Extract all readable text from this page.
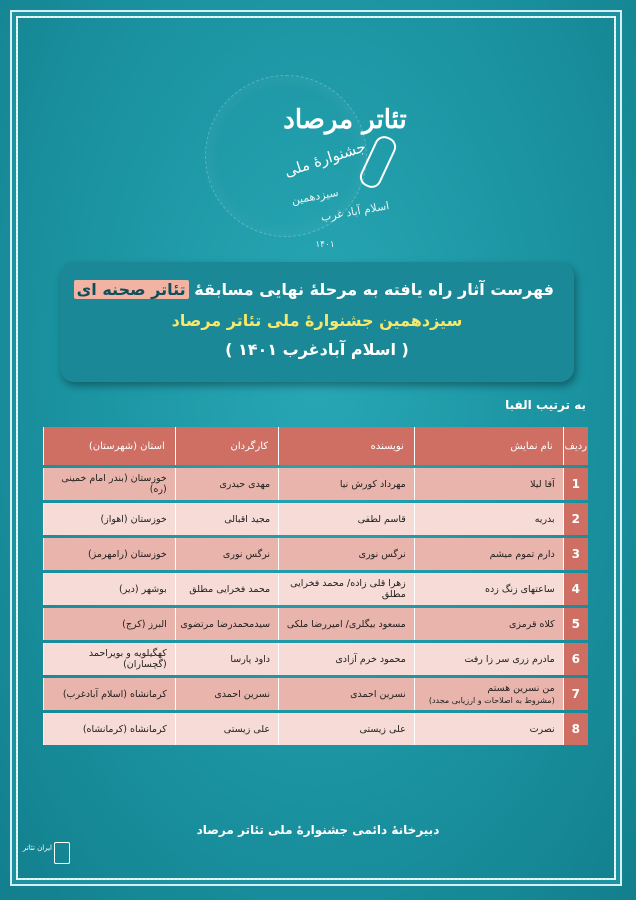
تئاتر مرصاد
جشنوارهٔ ملی
سیزدهمین
اسلام آباد غرب
۱۴۰۱
فهرست آثار راه یافته به مرحلۀ نهایی مسابقۀ تئاتر صحنه ای
سیزدهمین جشنوارۀ ملی تئاتر مرصاد
( اسلام آبادغرب ۱۴۰۱ )
به ترتیب الفبا
ردیف	نام نمایش	نویسنده	کارگردان	استان (شهرستان)
1	آقا لیلا	مهرداد کورش نیا	مهدی حیدری	خوزستان (بندر امام خمینی (ره)
2	بدریه	قاسم لطفی	مجید اقبالی	خوزستان (اهواز)
3	دارم تموم میشم	نرگس نوری	نرگس نوری	خوزستان (رامهرمز)
4	ساعتهای زنگ زده	زهرا قلی زاده/ محمد فخرایی مطلق	محمد فخرایی مطلق	بوشهر (دیر)
5	کلاه قرمزی	مسعود بیگلری/ امیررضا ملکی	سیدمحمدرضا مرتضوی	البرز (کرج)
6	مادرم زری سر زا رفت	محمود خرم آزادی	داود پارسا	کهگیلویه و بویراحمد (گچساران)
7	من نسرین هستم
(مشروط به اصلاحات و ارزیابی مجدد)	نسرین احمدی	نسرین احمدی	کرمانشاه (اسلام آبادغرب)
8	نصرت	علی زیستی	علی زیستی	کرمانشاه (کرمانشاه)
دبیرخانهٔ دائمی جشنوارهٔ ملی تئاتر مرصاد
ایران تئاتر
